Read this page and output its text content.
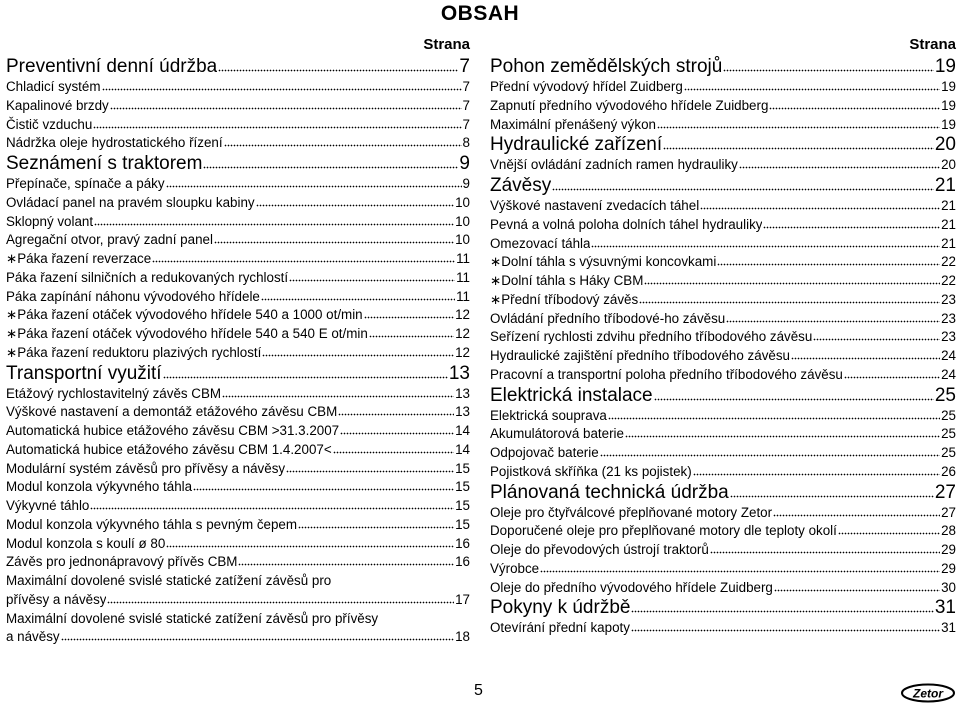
OBSAH
Strana
Preventivní denní údržba	7
Chladicí systém	7
Kapalinové brzdy	7
Čistič vzduchu	7
Nádržka oleje hydrostatického řízení	8
Seznámení s traktorem	9
Přepínače, spínače a páky	9
Ovládací panel na pravém sloupku kabiny	10
Sklopný volant	10
Agregační otvor, pravý zadní panel	10
∗Páka řazení reverzace	11
Páka řazení silničních a redukovaných rychlostí	11
Páka zapínání náhonu vývodového hřídele	11
∗Páka řazení otáček vývodového hřídele 540 a 1000 ot/min	12
∗Páka řazení otáček vývodového hřídele 540 a 540 E ot/min	12
∗Páka řazení reduktoru plazivých rychlostí	12
Transportní využití	13
Etážový rychlostavitelný závěs CBM	13
Výškové nastavení a demontáž etážového závěsu CBM	13
Automatická hubice etážového závěsu CBM >31.3.2007	14
Automatická hubice etážového závěsu CBM 1.4.2007<	14
Modulární systém závěsů pro přívěsy a návěsy	15
Modul konzola výkyvného táhla	15
Výkyvné táhlo	15
Modul konzola výkyvného táhla s pevným čepem	15
Modul konzola s koulí ø 80	16
Závěs pro jednonápravový přívěs CBM	16
Maximální dovolené svislé statické zatížení závěsů pro
přívěsy a návěsy	17
Maximální dovolené svislé statické zatížení závěsů pro přívěsy
a návěsy	18
Strana
Pohon zemědělských strojů	19
Přední vývodový hřídel Zuidberg	19
Zapnutí předního vývodového hřídele Zuidberg	19
Maximální přenášený výkon	19
Hydraulické zařízení	20
Vnější ovládání zadních ramen hydrauliky	20
Závěsy	21
Výškové nastavení zvedacích táhel	21
Pevná a volná poloha dolních táhel hydrauliky	21
Omezovací táhla	21
∗Dolní táhla s výsuvnými koncovkami	22
∗Dolní táhla s Háky CBM	22
∗Přední tříbodový závěs	23
Ovládání předního tříbodové-ho závěsu	23
Seřízení rychlosti zdvihu předního tříbodového závěsu	23
Hydraulické zajištění předního tříbodového závěsu	24
Pracovní a transportní poloha předního tříbodového závěsu	24
Elektrická instalace	25
Elektrická souprava	25
Akumulátorová baterie	25
Odpojovač baterie	25
Pojistková skříňka (21 ks pojistek)	26
Plánovaná technická údržba	27
Oleje pro čtyřválcové přeplňované motory Zetor	27
Doporučené oleje pro přeplňované motory dle teploty okolí	28
Oleje do převodových ústrojí traktorů	29
Výrobce	29
Oleje do předního vývodového hřídele Zuidberg	30
Pokyny k údržbě	31
Otevírání přední kapoty	31
5	Zetor
